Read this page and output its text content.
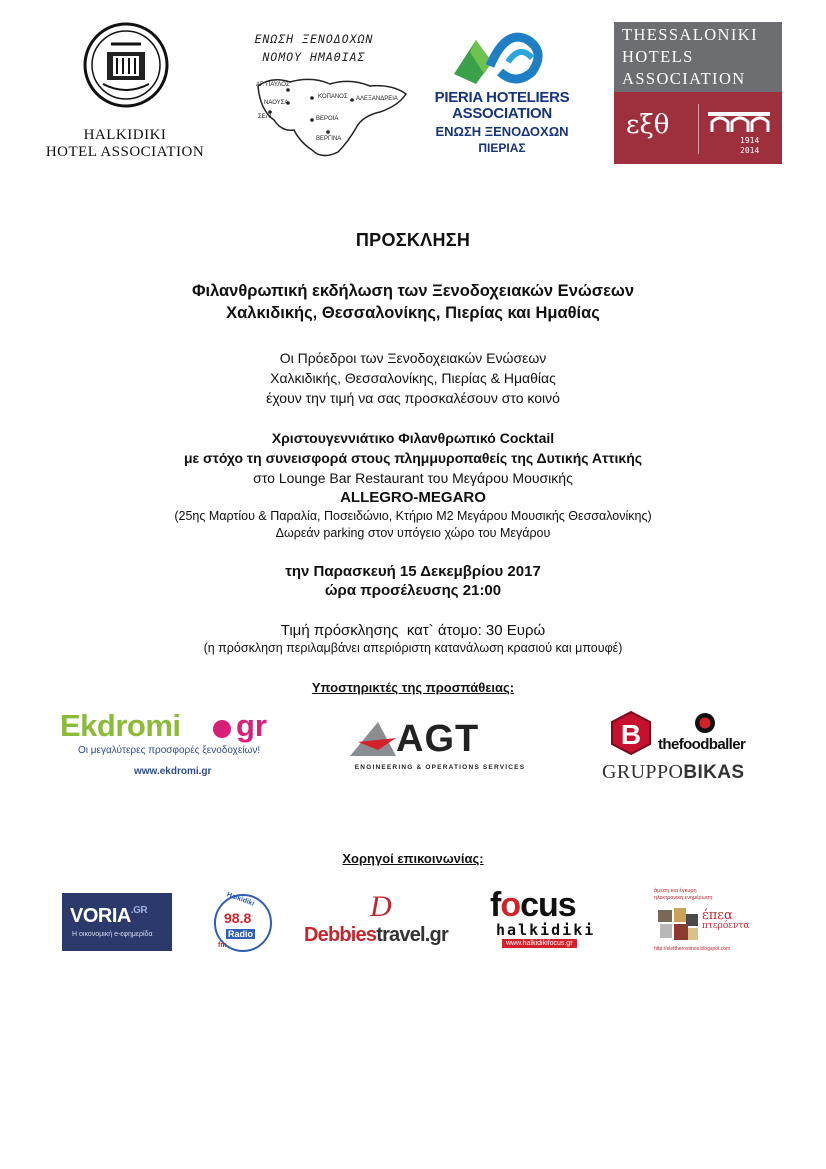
HALKIDIKI
HOTEL ASSOCIATION
ΕΝΩΣΗ ΞΕΝΟΔΟΧΩΝ
ΝΟΜΟΥ ΗΜΑΘΙΑΣ
ΑΓ. ΠΑΥΛΟΣ
ΝΑΟΥΣΑ
ΚΟΠΑΝΟΣ ΑΛΕΞΑΝΔΡΕΙΑ
ΣΕΛΙ	ΒΕΡΟΙΑ
ΒΕΡΓΙΝΑ
PIERIA HOTELIERS
ASSOCIATION
ΕΝΩΣΗ ΞΕΝΟΔΟΧΩΝ
ΠΙΕΡΙΑΣ
THESSALONIKI
HOTELS
ASSOCIATION
εξθ
1914
2014
ΠΡΟΣΚΛΗΣΗ
Φιλανθρωπική εκδήλωση των Ξενοδοχειακών Ενώσεων
Χαλκιδικής, Θεσσαλονίκης, Πιερίας και Ημαθίας
Οι Πρόεδροι των Ξενοδοχειακών Ενώσεων
Χαλκιδικής, Θεσσαλονίκης, Πιερίας & Ημαθίας
έχουν την τιμή να σας προσκαλέσουν στο κοινό
Χριστουγεννιάτικο Φιλανθρωπικό Cocktail
με στόχο τη συνεισφορά στους πλημμυροπαθείς της Δυτικής Αττικής
στο Lounge Bar Restaurant του Μεγάρου Μουσικής
ALLEGRO-MEGARO
(25ης Μαρτίου & Παραλία, Ποσειδώνιο, Κτήριο Μ2 Μεγάρου Μουσικής Θεσσαλονίκης)
Δωρεάν parking στον υπόγειο χώρο του Μεγάρου
την Παρασκευή 15 Δεκεμβρίου 2017
ώρα προσέλευσης 21:00
Τιμή πρόσκλησης  κατ` άτομο: 30 Ευρώ
(η πρόσκληση περιλαμβάνει απεριόριστη κατανάλωση κρασιού και μπουφέ)
Υποστηρικτές της προσπάθειας:
Ekdromi gr
Οι μεγαλύτερες προσφορές ξενοδοχείων!
www.ekdromi.gr
AGT
ENGINEERING & OPERATIONS SERVICES
B thefoodballer
GRUPPOBIKAS
Χορηγοί επικοινωνίας:
$VORIA^{.GR}$
Η οικονομική e-εφημερίδα
Halkidiki
98.8
Radio
fm
D
Debbiestravel.gr
focus
halkidiki
www.halkidikifocus.gr
άμεση και έγκυρη
ηλεκτρονική ενημέρωση
έπεα
πτερόεντα
http://eleftherostinos.blogspot.com
